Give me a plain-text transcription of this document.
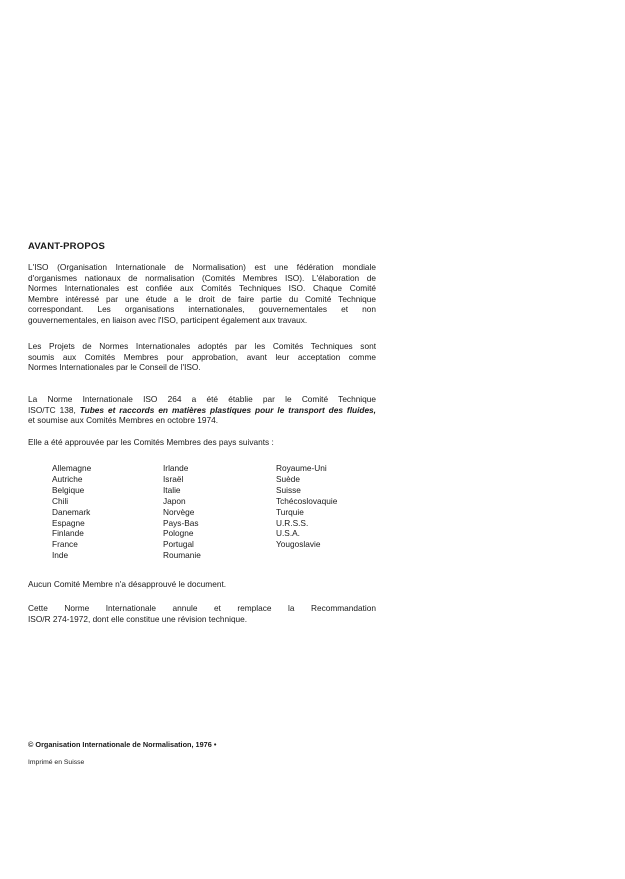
AVANT-PROPOS

L'ISO (Organisation Internationale de Normalisation) est une fédération mondiale
d'organismes nationaux de normalisation (Comités Membres ISO). L'élaboration de
Normes Internationales est confiée aux Comités Techniques ISO. Chaque Comité
Membre intéressé par une étude a le droit de faire partie du Comité Technique
correspondant. Les organisations internationales, gouvernementales et non
gouvernementales, en liaison avec l'ISO, participent également aux travaux.

Les Projets de Normes Internationales adoptés par les Comités Techniques sont
soumis aux Comités Membres pour approbation, avant leur acceptation comme
Normes Internationales par le Conseil de l'ISO.

La Norme Internationale ISO 264 a été établie par le Comité Technique
ISO/TC 138, Tubes et raccords en matières plastiques pour le transport des fluides,
et soumise aux Comités Membres en octobre 1974.

Elle a été approuvée par les Comités Membres des pays suivants :

Allemagne
Autriche
Belgique
Chili
Danemark
Espagne
Finlande
France
Inde
Irlande
Israël
Italie
Japon
Norvège
Pays-Bas
Pologne
Portugal
Roumanie
Royaume-Uni
Suède
Suisse
Tchécoslovaquie
Turquie
U.R.S.S.
U.S.A.
Yougoslavie

Aucun Comité Membre n'a désapprouvé le document.

Cette Norme Internationale annule et remplace la Recommandation
ISO/R 274-1972, dont elle constitue une révision technique.

© Organisation Internationale de Normalisation, 1976 •
Imprimé en Suisse
